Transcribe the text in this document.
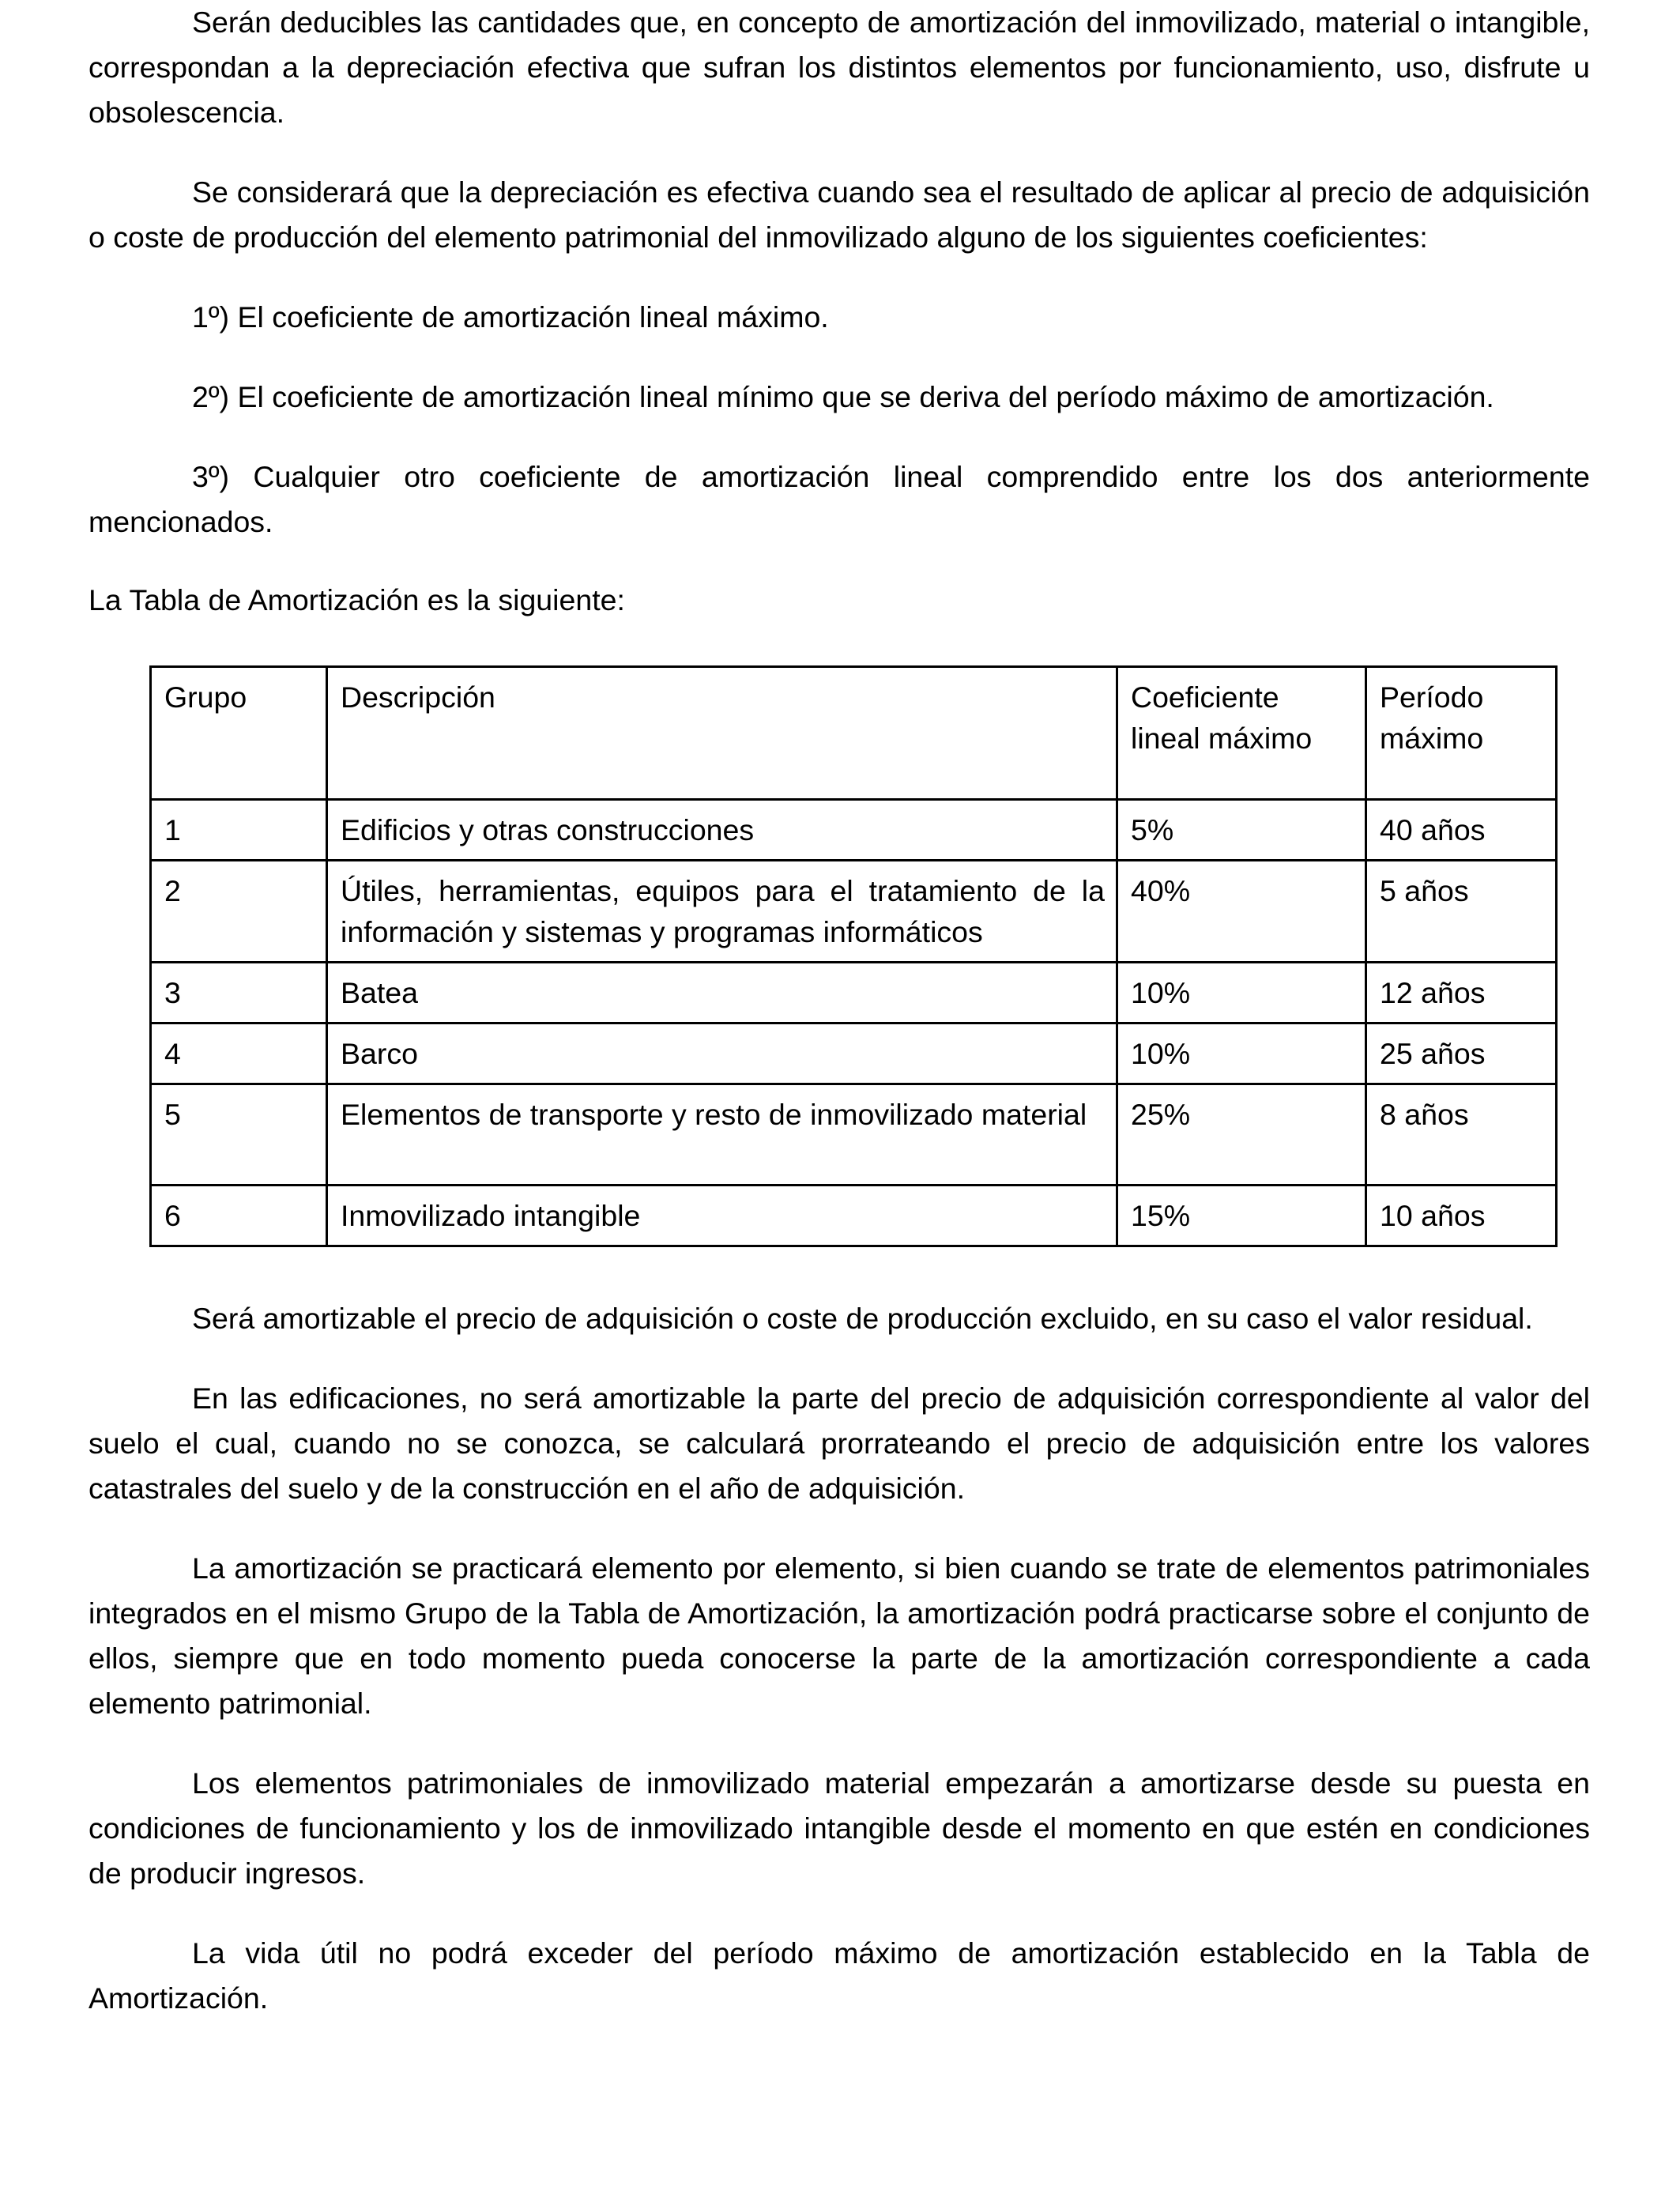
Serán deducibles las cantidades que, en concepto de amortización del inmovilizado, material o intangible, correspondan a la depreciación efectiva que sufran los distintos elementos por funcionamiento, uso, disfrute u obsolescencia.

Se considerará que la depreciación es efectiva cuando sea el resultado de aplicar al precio de adquisición o coste de producción del elemento patrimonial del inmovilizado alguno de los siguientes coeficientes:

1º) El coeficiente de amortización lineal máximo.

2º) El coeficiente de amortización lineal mínimo que se deriva del período máximo de amortización.

3º) Cualquier otro coeficiente de amortización lineal comprendido entre los dos anteriormente mencionados.

La Tabla de Amortización es la siguiente:

Grupo	Descripción	Coeficiente lineal máximo	Período máximo

1	Edificios y otras construcciones	5%	40 años

2	Útiles, herramientas, equipos para el tratamiento de la información y sistemas y programas informáticos	40%	5 años

3	Batea	10%	12 años

4	Barco	10%	25 años

5	Elementos de transporte y resto de inmovilizado material	25%	8 años

6	Inmovilizado intangible	15%	10 años

Será amortizable el precio de adquisición o coste de producción excluido, en su caso el valor residual.

En las edificaciones, no será amortizable la parte del precio de adquisición correspondiente al valor del suelo el cual, cuando no se conozca, se calculará prorrateando el precio de adquisición entre los valores catastrales del suelo y de la construcción en el año de adquisición.

La amortización se practicará elemento por elemento, si bien cuando se trate de elementos patrimoniales integrados en el mismo Grupo de la Tabla de Amortización, la amortización podrá practicarse sobre el conjunto de ellos, siempre que en todo momento pueda conocerse la parte de la amortización correspondiente a cada elemento patrimonial.

Los elementos patrimoniales de inmovilizado material empezarán a amortizarse desde su puesta en condiciones de funcionamiento y los de inmovilizado intangible desde el momento en que estén en condiciones de producir ingresos.

La vida útil no podrá exceder del período máximo de amortización establecido en la Tabla de Amortización.
